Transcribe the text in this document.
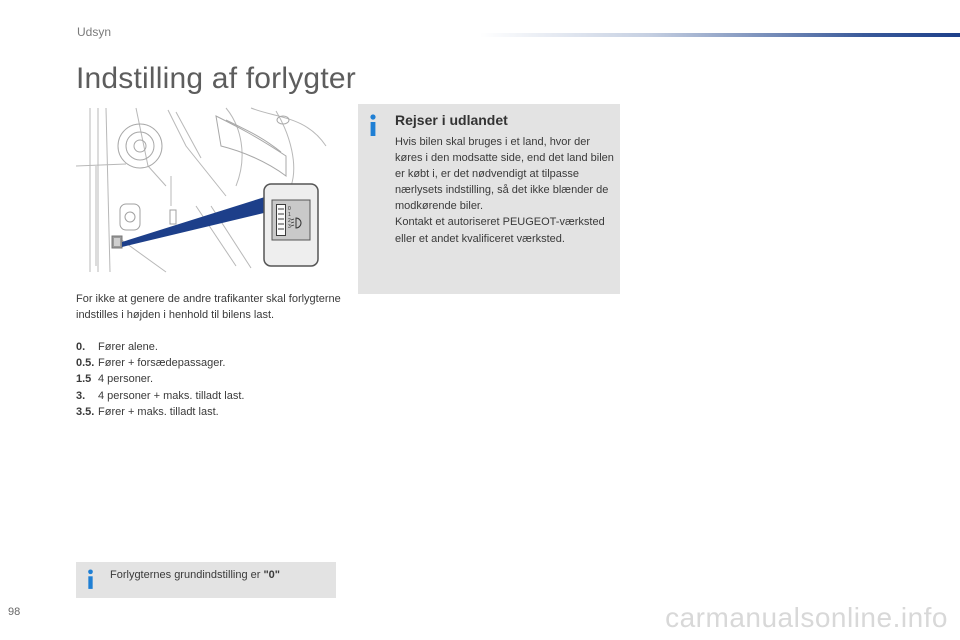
Udsyn
Indstilling af forlygter
0
1
2
3

For ikke at genere de andre trafikanter skal forlygterne indstilles i højden i henhold til bilens last.

0.	Fører alene.
0.5. Fører + forsædepassager.
1.5 4 personer.
3.	4 personer + maks. tilladt last.
3.5. Fører + maks. tilladt last.
Rejser i udlandet

Hvis bilen skal bruges i et land, hvor der køres i den modsatte side, end det land bilen er købt i, er det nødvendigt at tilpasse nærlysets indstilling, så det ikke blænder de modkørende biler.
Kontakt et autoriseret PEUGEOT-værksted eller et andet kvalificeret værksted.

Forlygternes grundindstilling er "0"
98	carmanualsonline.info
